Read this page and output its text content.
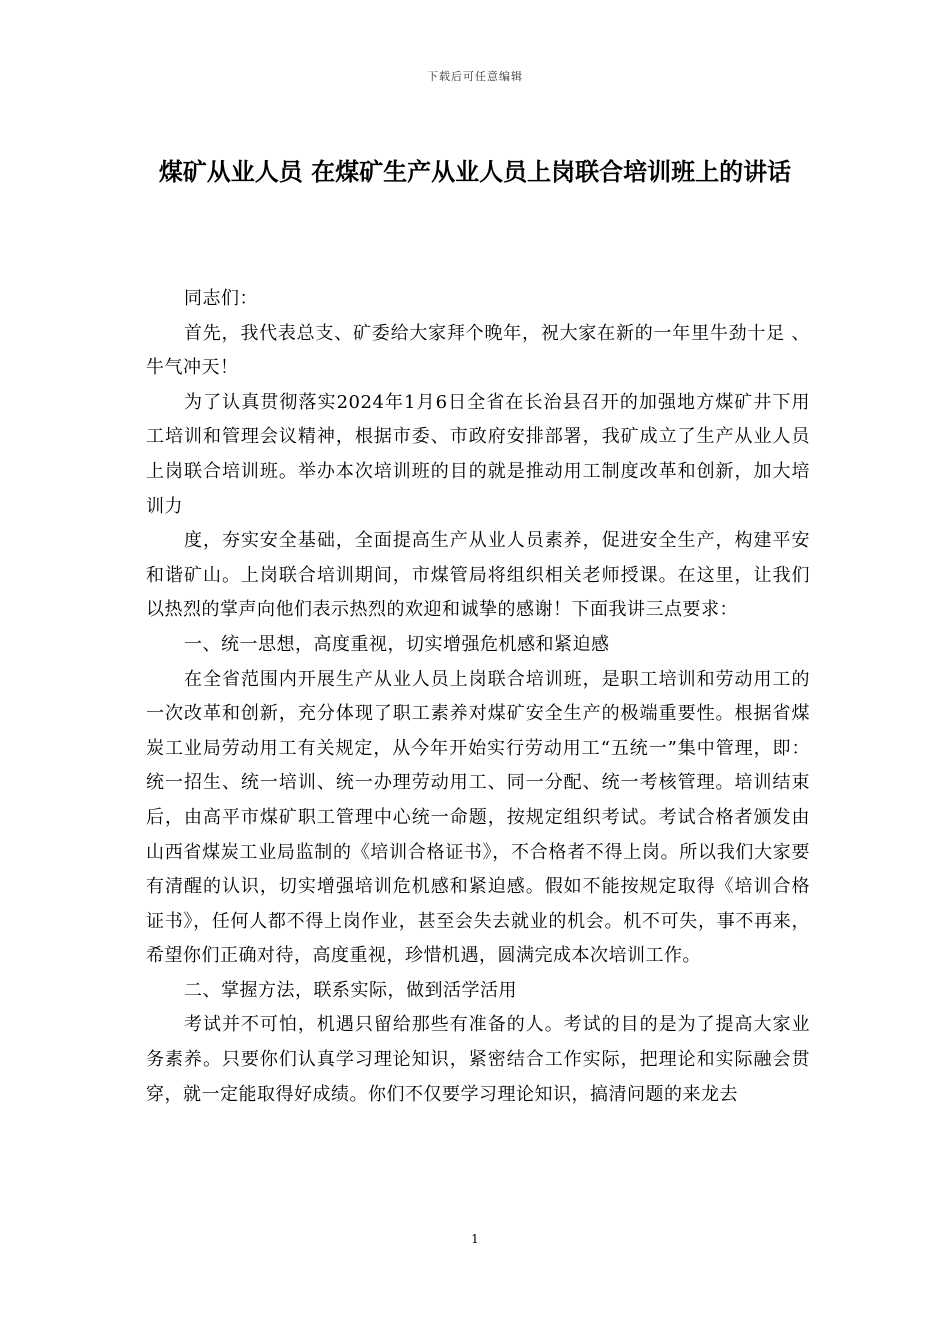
下载后可任意编辑
煤矿从业人员 在煤矿生产从业人员上岗联合培训班上的讲话

同志们：

首先，我代表总支、矿委给大家拜个晚年，祝大家在新的一年里牛劲十足 、牛气冲天！

为了认真贯彻落实2024年1月6日全省在长治县召开的加强地方煤矿井下用工培训和管理会议精神，根据市委、市政府安排部署，我矿成立了生产从业人员上岗联合培训班。举办本次培训班的目的就是推动用工制度改革和创新，加大培训力

度，夯实安全基础，全面提高生产从业人员素养，促进安全生产，构建平安和谐矿山。上岗联合培训期间，市煤管局将组织相关老师授课。在这里，让我们以热烈的掌声向他们表示热烈的欢迎和诚挚的感谢！下面我讲三点要求：

一、统一思想，高度重视，切实增强危机感和紧迫感

在全省范围内开展生产从业人员上岗联合培训班，是职工培训和劳动用工的一次改革和创新，充分体现了职工素养对煤矿安全生产的极端重要性。根据省煤炭工业局劳动用工有关规定，从今年开始实行劳动用工“五统一”集中管理，即：统一招生、统一培训、统一办理劳动用工、同一分配、统一考核管理。培训结束后，由高平市煤矿职工管理中心统一命题，按规定组织考试。考试合格者颁发由山西省煤炭工业局监制的《培训合格证书》，不合格者不得上岗。所以我们大家要有清醒的认识，切实增强培训危机感和紧迫感。假如不能按规定取得《培训合格证书》，任何人都不得上岗作业，甚至会失去就业的机会。机不可失，事不再来，希望你们正确对待，高度重视，珍惜机遇，圆满完成本次培训工作。

二、掌握方法，联系实际，做到活学活用

考试并不可怕，机遇只留给那些有准备的人。考试的目的是为了提高大家业务素养。只要你们认真学习理论知识，紧密结合工作实际，把理论和实际融会贯穿，就一定能取得好成绩。你们不仅要学习理论知识，搞清问题的来龙去

1
